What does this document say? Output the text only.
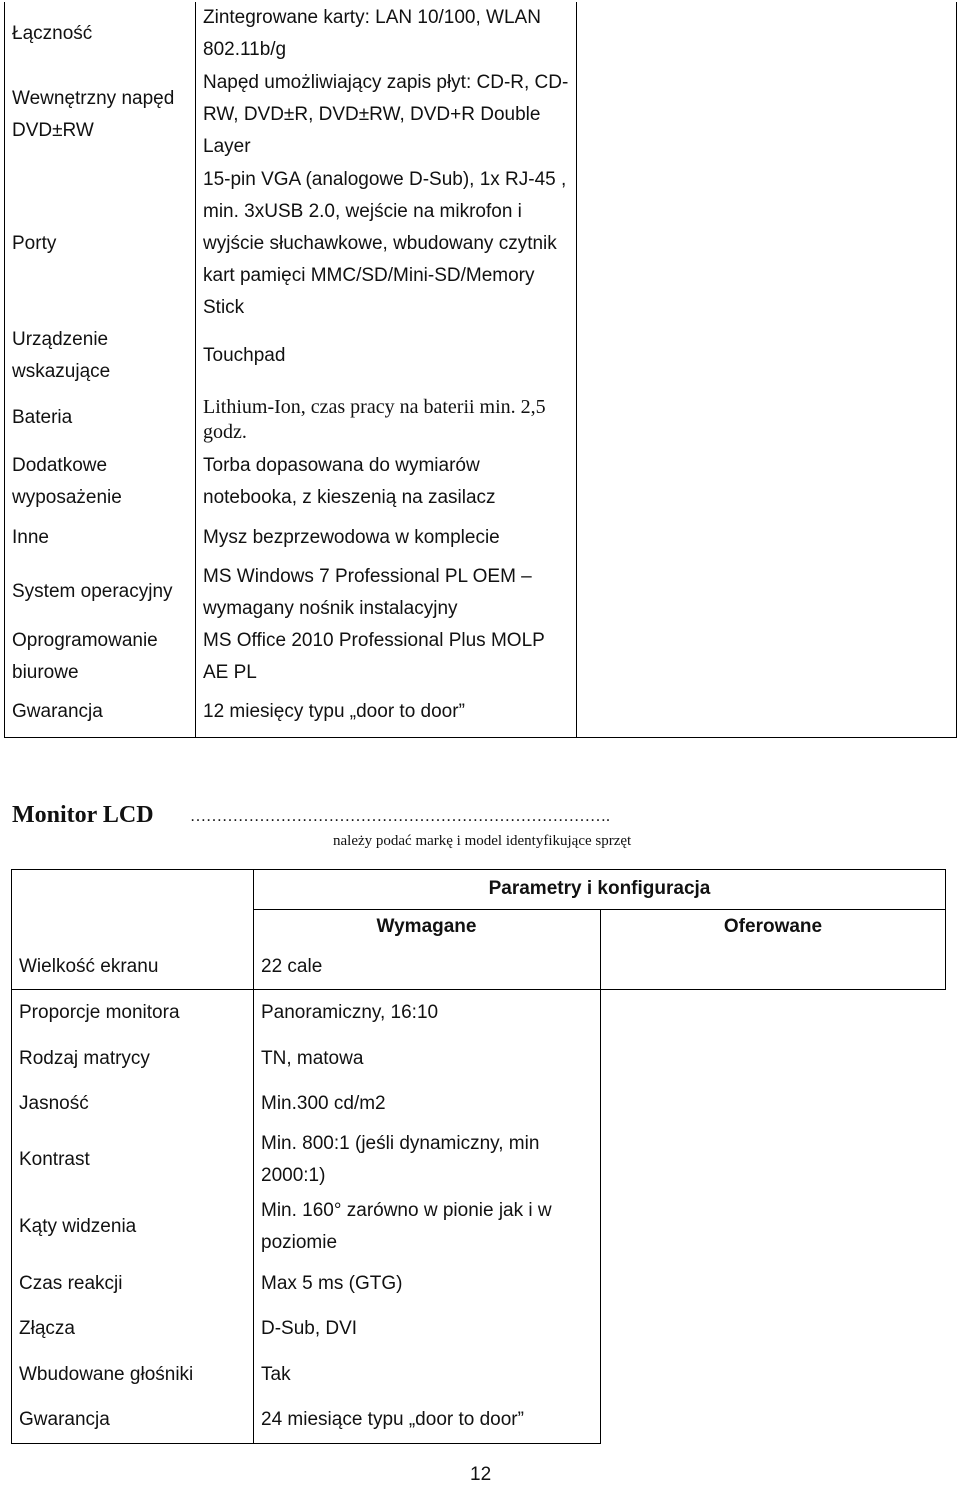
Łączność
Wewnętrzny napęd DVD±RW
Porty
Urządzenie wskazujące
Bateria
Dodatkowe wyposażenie
Inne
System operacyjny
Oprogramowanie biurowe
Gwarancja
Zintegrowane karty: LAN 10/100, WLAN 802.11b/g
Napęd umożliwiający zapis płyt: CD-R, CD-RW, DVD±R, DVD±RW, DVD+R Double Layer
15-pin VGA (analogowe D-Sub), 1x RJ-45 , min. 3xUSB 2.0, wejście na mikrofon i wyjście słuchawkowe, wbudowany czytnik kart pamięci MMC/SD/Mini-SD/Memory Stick
Touchpad
Lithium-Ion, czas pracy na baterii min. 2,5 godz.
Torba dopasowana do wymiarów notebooka, z kieszenią na zasilacz
Mysz bezprzewodowa w komplecie
MS Windows 7 Professional PL OEM – wymagany nośnik instalacyjny
MS Office 2010 Professional Plus MOLP AE PL
12 miesięcy typu „door to door”
Monitor LCD …………………………………………………………………….
należy podać markę i model identyfikujące sprzęt
Parametry i konfiguracja
Wymagane	Oferowane
Wielkość ekranu
Proporcje monitora
Rodzaj matrycy
Jasność
Kontrast
Kąty widzenia
Czas reakcji
Złącza
Wbudowane głośniki
Gwarancja
22 cale
Panoramiczny, 16:10
TN, matowa
Min.300 cd/m2
Min. 800:1 (jeśli dynamiczny, min 2000:1)
Min. 160° zarówno w pionie jak i w poziomie
Max 5 ms (GTG)
D-Sub, DVI
Tak
24 miesiące typu „door to door”
12
